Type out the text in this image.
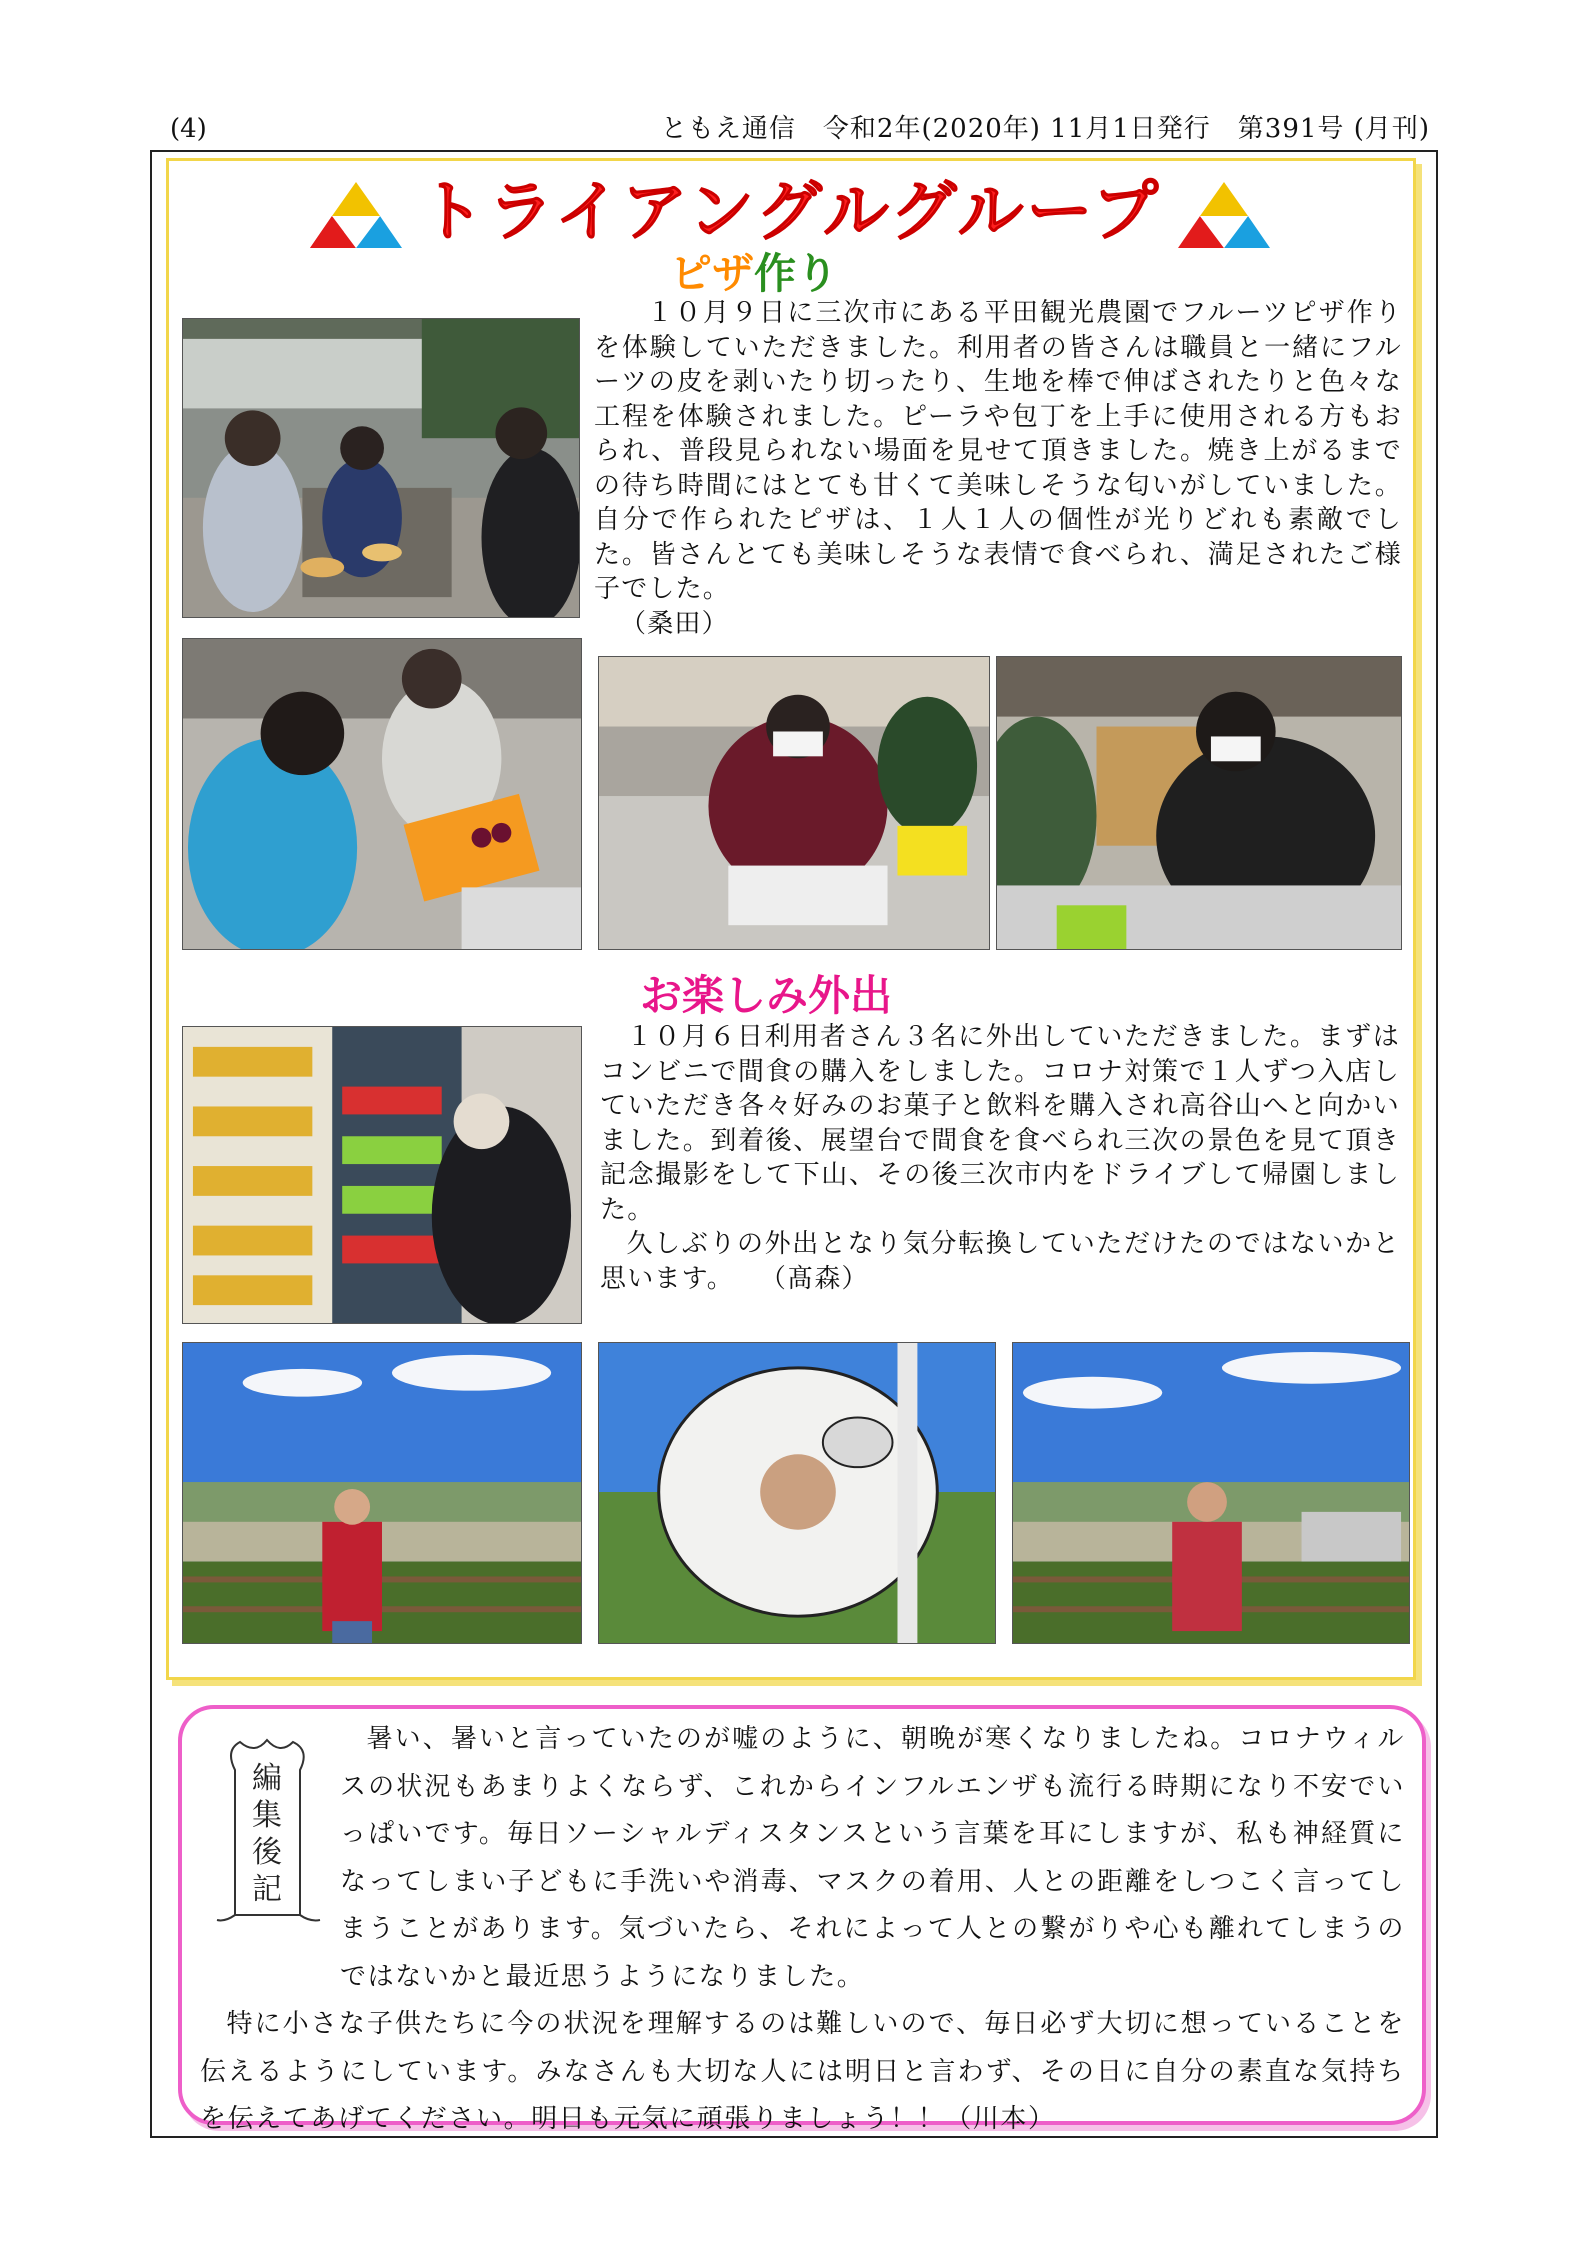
(4)	ともえ通信　令和2年(2020年) 11月1日発行　第391号 (月刊)
トライアングルグループ
ピザ作り
１０月９日に三次市にある平田観光農園でフルーツピザ作りを体験していただきました。利用者の皆さんは職員と一緒にフルーツの皮を剥いたり切ったり、生地を棒で伸ばされたりと色々な工程を体験されました。ピーラや包丁を上手に使用される方もおられ、普段見られない場面を見せて頂きました。焼き上がるまでの待ち時間にはとても甘くて美味しそうな匂いがしていました。自分で作られたピザは、１人１人の個性が光りどれも素敵でした。皆さんとても美味しそうな表情で食べられ、満足されたご様子でした。
（桑田）
お楽しみ外出
１０月６日利用者さん３名に外出していただきました。まずはコンビニで間食の購入をしました。コロナ対策で１人ずつ入店していただき各々好みのお菓子と飲料を購入され高谷山へと向かいました。到着後、展望台で間食を食べられ三次の景色を見て頂き記念撮影をして下山、その後三次市内をドライブして帰園しました。
久しぶりの外出となり気分転換していただけたのではないかと思います。 （髙森）
編
集
後
記
暑い、暑いと言っていたのが嘘のように、朝晩が寒くなりましたね。コロナウィルスの状況もあまりよくならず、これからインフルエンザも流行る時期になり不安でいっぱいです。毎日ソーシャルディスタンスという言葉を耳にしますが、私も神経質になってしまい子どもに手洗いや消毒、マスクの着用、人との距離をしつこく言ってしまうことがあります。気づいたら、それによって人との繋がりや心も離れてしまうのではないかと最近思うようになりました。
特に小さな子供たちに今の状況を理解するのは難しいので、毎日必ず大切に想っていることを伝えるようにしています。みなさんも大切な人には明日と言わず、その日に自分の素直な気持ちを伝えてあげてください。明日も元気に頑張りましょう！！（川本）
